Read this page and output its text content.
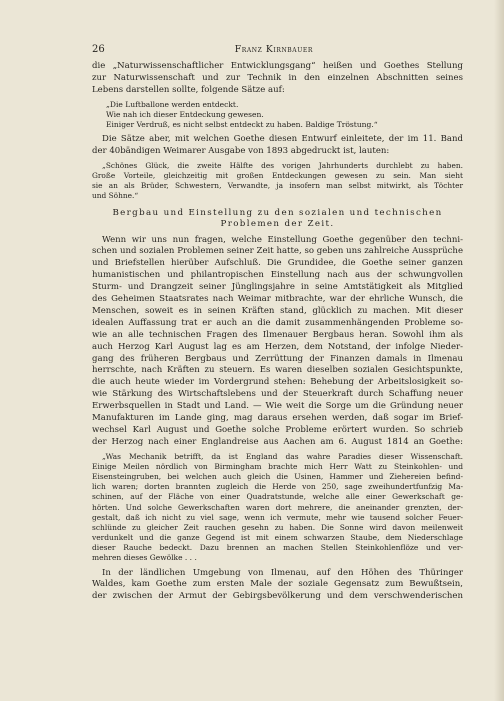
26	Franz Kirnbauer

die „Naturwissenschaftlicher Entwicklungsgang“ heißen und Goethes Stellung
zur Naturwissenschaft und zur Technik in den einzelnen Abschnitten seines
Lebens darstellen sollte, folgende Sätze auf:

„Die Luftballone werden entdeckt.
Wie nah ich dieser Entdeckung gewesen.
Einiger Verdruß, es nicht selbst entdeckt zu haben. Baldige Tröstung.“

Die Sätze aber, mit welchen Goethe diesen Entwurf einleitete, der im 11. Band
der 40bändigen Weimarer Ausgabe von 1893 abgedruckt ist, lauten:

„Schönes Glück, die zweite Hälfte des vorigen Jahrhunderts durchlebt zu haben.
Große Vorteile, gleichzeitig mit großen Entdeckungen gewesen zu sein. Man sieht
sie an als Brüder, Schwestern, Verwandte, ja insofern man selbst mitwirkt, als Töchter
und Söhne.“
Bergbau und Einstellung zu den sozialen und technischen
Problemen der Zeit.

Wenn wir uns nun fragen, welche Einstellung Goethe gegenüber den techni-
schen und sozialen Problemen seiner Zeit hatte, so geben uns zahlreiche Aussprüche
und Briefstellen hierüber Aufschluß. Die Grundidee, die Goethe seiner ganzen
humanistischen und philantropischen Einstellung nach aus der schwungvollen
Sturm- und Drangzeit seiner Jünglingsjahre in seine Amtstätigkeit als Mitglied
des Geheimen Staatsrates nach Weimar mitbrachte, war der ehrliche Wunsch, die
Menschen, soweit es in seinen Kräften stand, glücklich zu machen. Mit dieser
idealen Auffassung trat er auch an die damit zusammenhängenden Probleme so-
wie an alle technischen Fragen des Ilmenauer Bergbaus heran. Sowohl ihm als
auch Herzog Karl August lag es am Herzen, dem Notstand, der infolge Nieder-
gang des früheren Bergbaus und Zerrüttung der Finanzen damals in Ilmenau
herrschte, nach Kräften zu steuern. Es waren dieselben sozialen Gesichtspunkte,
die auch heute wieder im Vordergrund stehen: Behebung der Arbeitslosigkeit so-
wie Stärkung des Wirtschaftslebens und der Steuerkraft durch Schaffung neuer
Erwerbsquellen in Stadt und Land. — Wie weit die Sorge um die Gründung neuer
Manufakturen im Lande ging, mag daraus ersehen werden, daß sogar im Brief-
wechsel Karl August und Goethe solche Probleme erörtert wurden. So schrieb
der Herzog nach einer Englandreise aus Aachen am 6. August 1814 an Goethe:

„Was Mechanik betrifft, da ist England das wahre Paradies dieser Wissenschaft.
Einige Meilen nördlich von Birmingham brachte mich Herr Watt zu Steinkohlen- und
Eisensteingruben, bei welchen auch gleich die Usinen, Hammer und Ziehereien befind-
lich waren; dorten brannten zugleich die Herde von 250, sage zweihundertfunfzig Ma-
schinen, auf der Fläche von einer Quadratstunde, welche alle einer Gewerkschaft ge-
hörten. Und solche Gewerkschaften waren dort mehrere, die aneinander grenzten, der-
gestalt, daß ich nicht zu viel sage, wenn ich vermute, mehr wie tausend solcher Feuer-
schlünde zu gleicher Zeit rauchen gesehn zu haben. Die Sonne wird davon meilenweit
verdunkelt und die ganze Gegend ist mit einem schwarzen Staube, dem Niederschlage
dieser Rauche bedeckt. Dazu brennen an machen Stellen Steinkohlenflöze und ver-
mehren dieses Gewölke . . .

In der ländlichen Umgebung von Ilmenau, auf den Höhen des Thüringer
Waldes, kam Goethe zum ersten Male der soziale Gegensatz zum Bewußtsein,
der zwischen der Armut der Gebirgsbevölkerung und dem verschwenderischen
